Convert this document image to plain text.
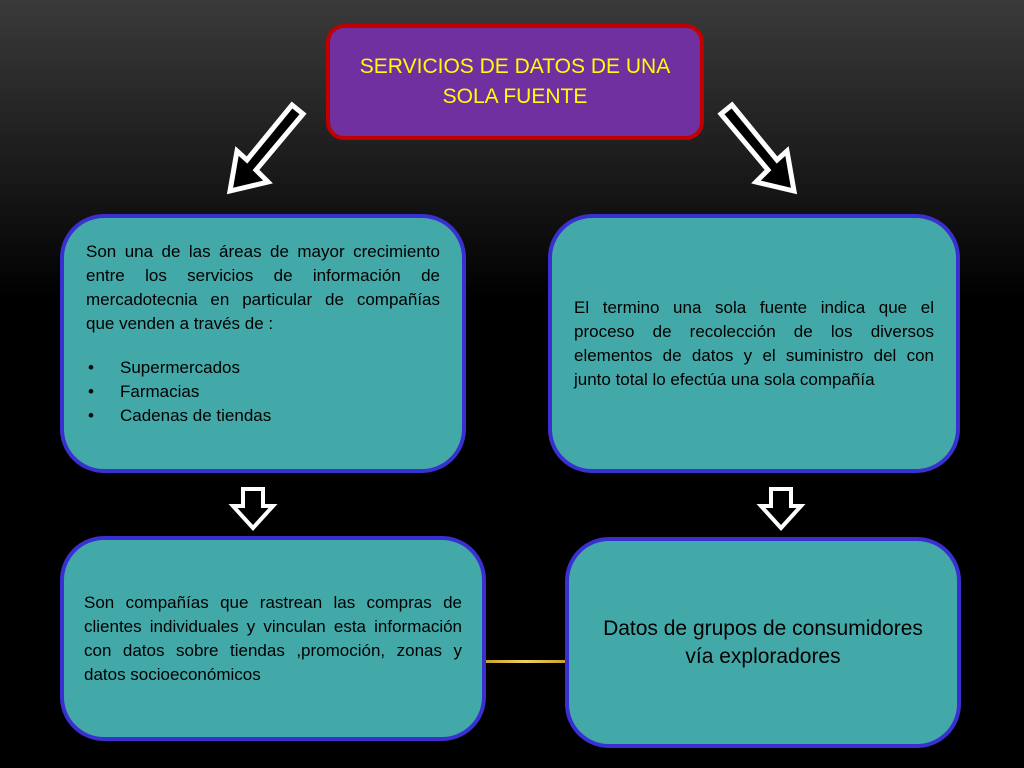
SERVICIOS DE DATOS DE UNA SOLA FUENTE

Son una de las áreas de mayor crecimiento entre los servicios de información de mercadotecnia en particular de compañías que venden a través de :

• Supermercados
• Farmacias
• Cadenas de tiendas

El termino una sola fuente indica que el proceso de recolección de los diversos elementos de datos y el suministro del con junto total lo efectúa una sola compañía

Son compañías que rastrean las compras de clientes individuales y vinculan esta información con datos sobre tiendas ,promoción, zonas y datos socioeconómicos

Datos de grupos de consumidores vía exploradores
